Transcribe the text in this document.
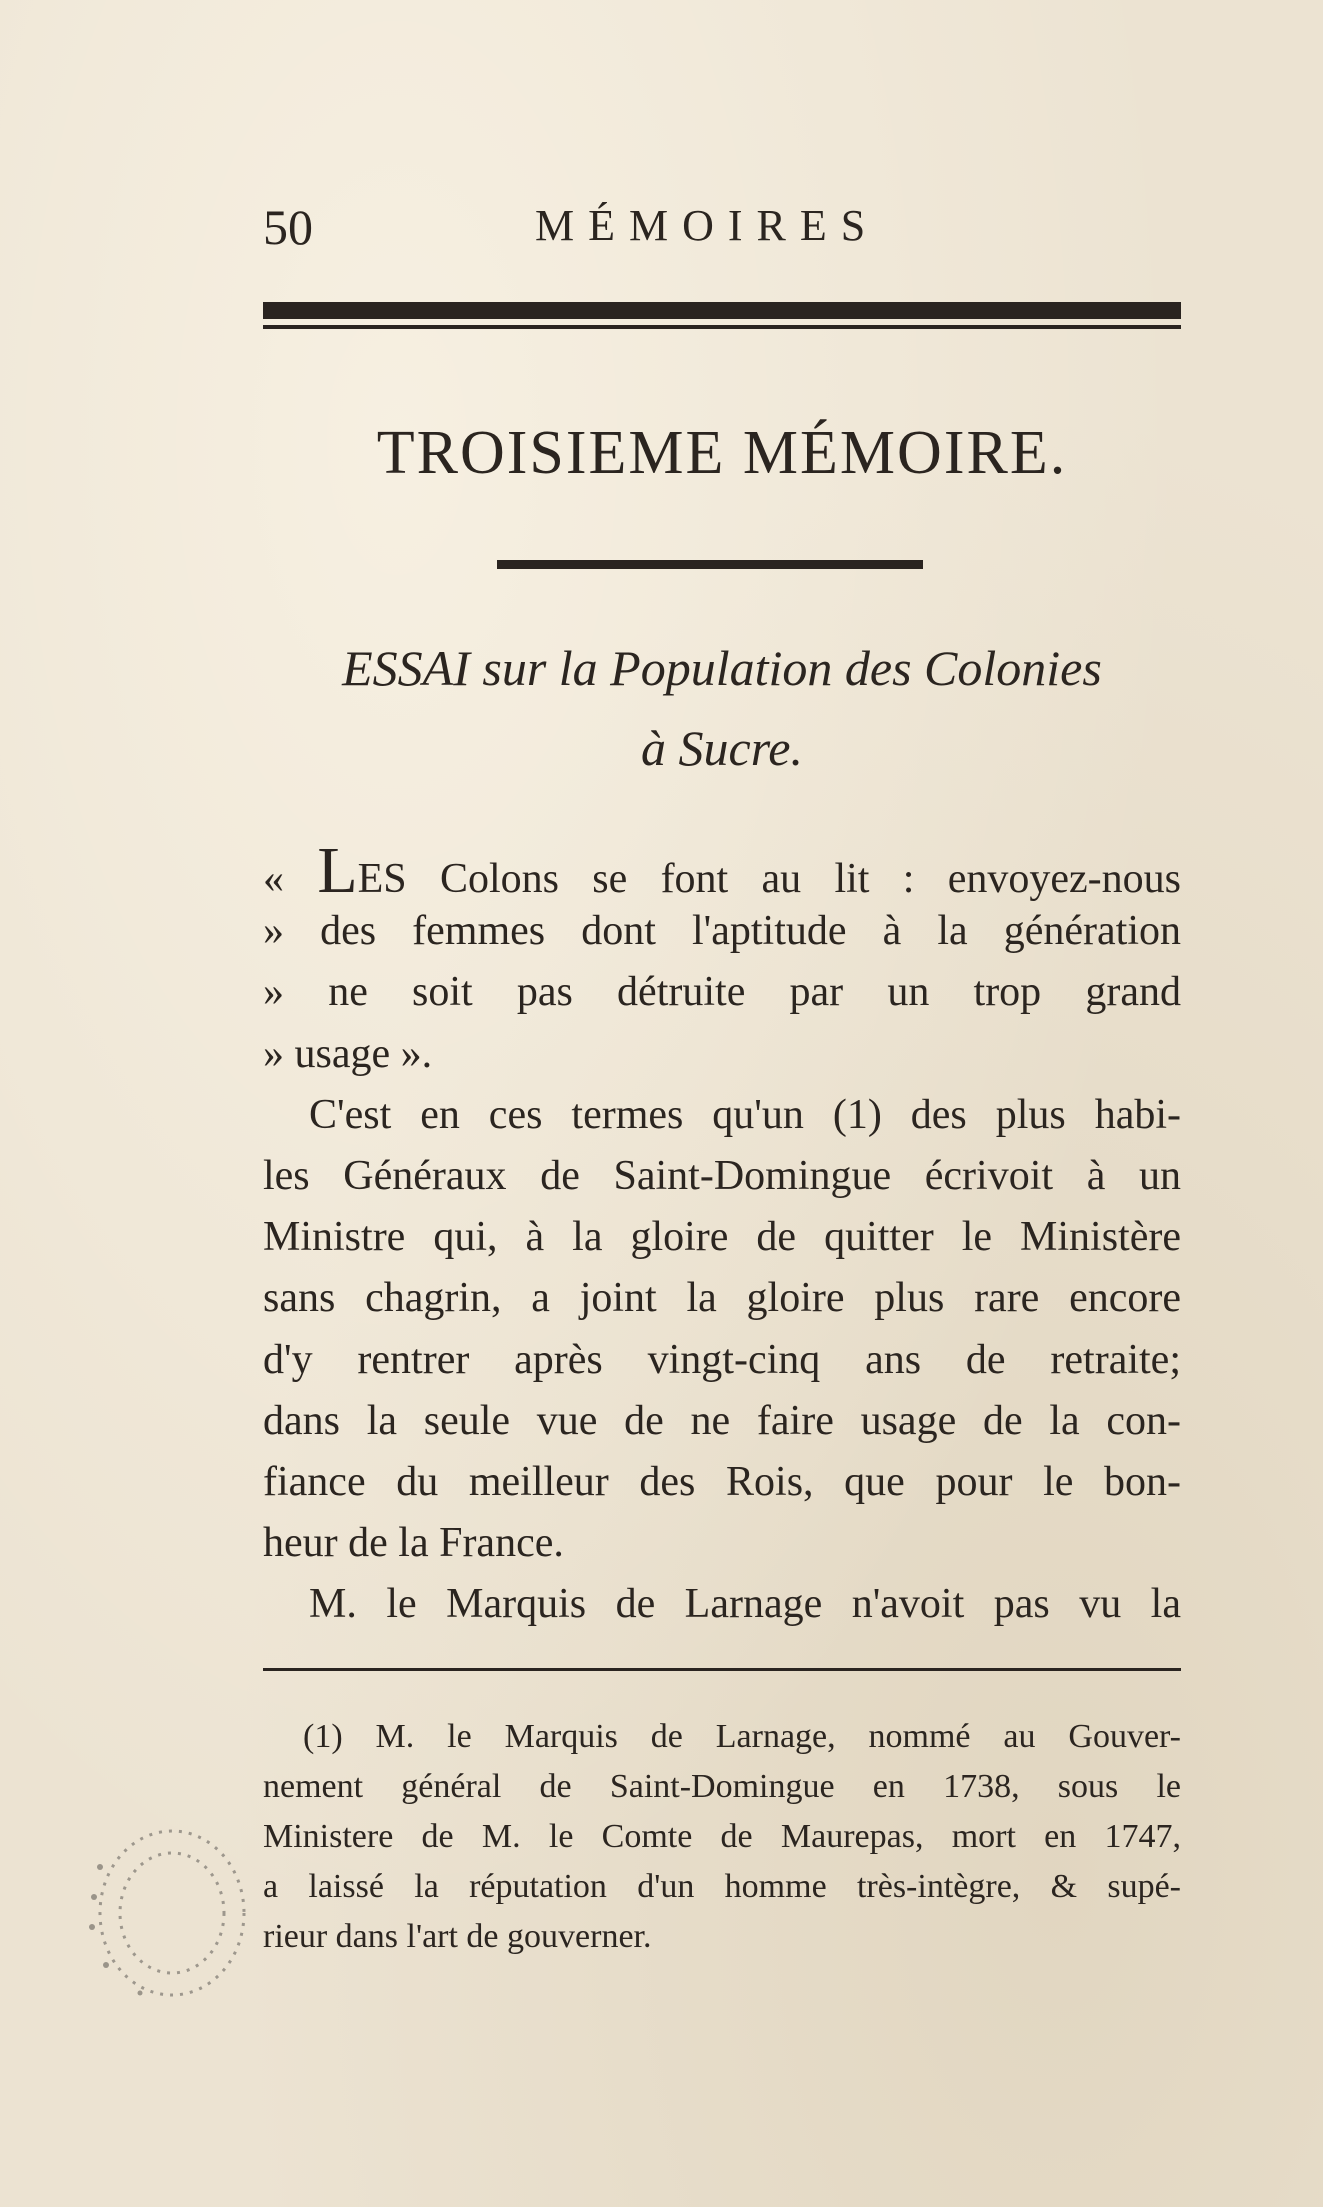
50	MÉMOIRES
TROISIEME MÉMOIRE.
ESSAI sur la Population des Colonies
à Sucre.
« LES Colons se font au lit : envoyez-nous
» des femmes dont l'aptitude à la génération
» ne soit pas détruite par un trop grand
» usage ».
C'est en ces termes qu'un (1) des plus habi-
les Généraux de Saint-Domingue écrivoit à un
Ministre qui, à la gloire de quitter le Ministère
sans chagrin, a joint la gloire plus rare encore
d'y rentrer après vingt-cinq ans de retraite;
dans la seule vue de ne faire usage de la con-
fiance du meilleur des Rois, que pour le bon-
heur de la France.
M. le Marquis de Larnage n'avoit pas vu la
(1) M. le Marquis de Larnage, nommé au Gouver-
nement général de Saint-Domingue en 1738, sous le
Ministere de M. le Comte de Maurepas, mort en 1747,
a laissé la réputation d'un homme très-intègre, & supé-
rieur dans l'art de gouverner.
